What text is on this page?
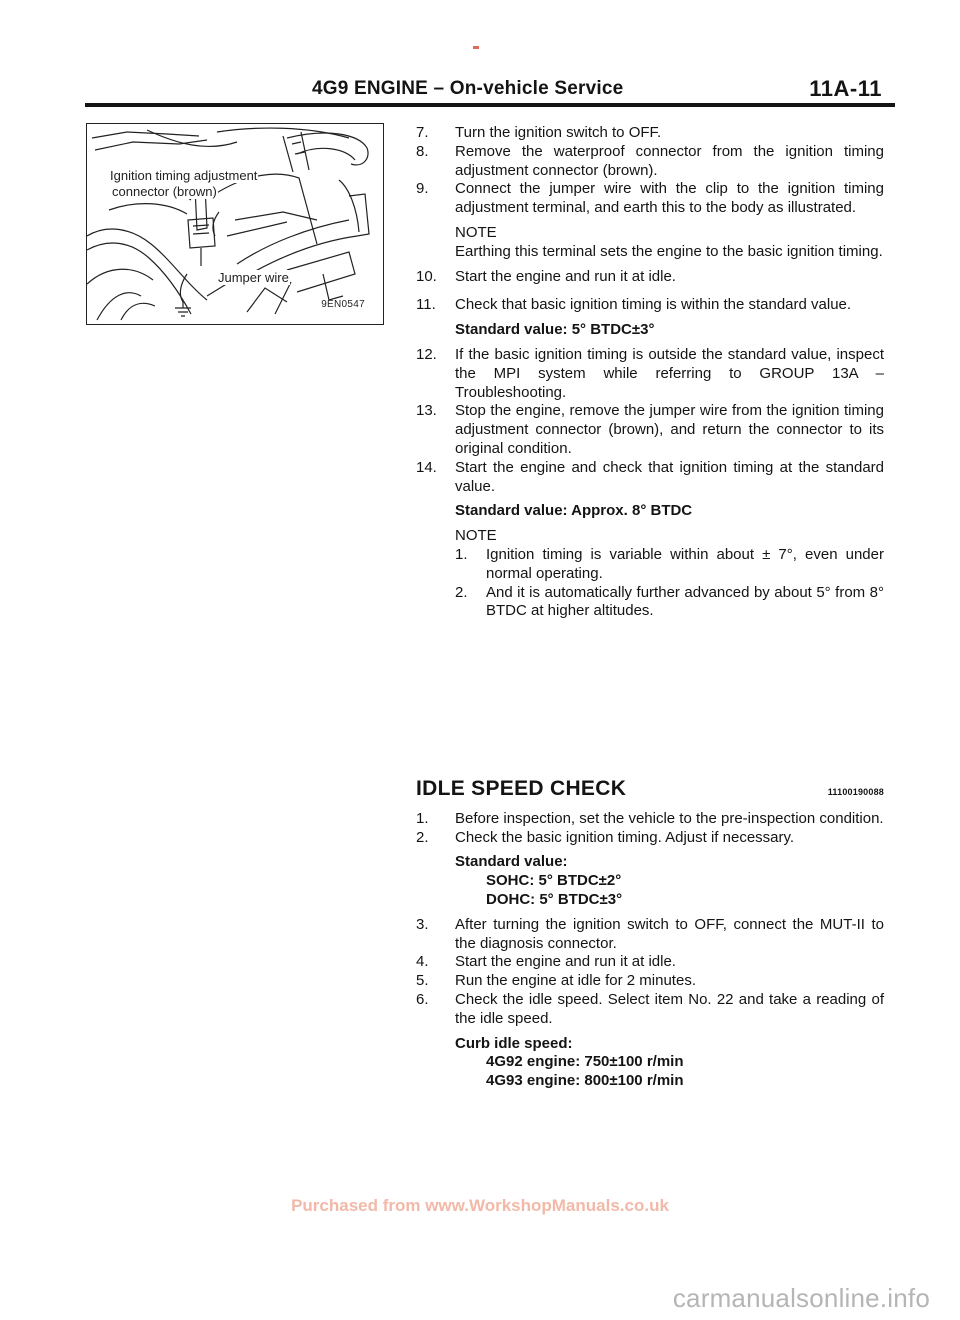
4G9 ENGINE – On-vehicle Service	11A-11
Ignition timing adjustment
connector (brown)
Jumper wire
9EN0547
7.	Turn the ignition switch to OFF.
8.	Remove the waterproof connector from the ignition timing adjustment connector (brown).
9.	Connect the jumper wire with the clip to the ignition timing adjustment terminal, and earth this to the body as illustrated.
NOTE
Earthing this terminal sets the engine to the basic ignition timing.
10.	Start the engine and run it at idle.
11.	Check that basic ignition timing is within the standard value.
Standard value: 5° BTDC±3°
12.	If the basic ignition timing is outside the standard value, inspect the MPI system while referring to GROUP 13A – Troubleshooting.
13.	Stop the engine, remove the jumper wire from the ignition timing adjustment connector (brown), and return the connector to its original condition.
14.	Start the engine and check that ignition timing at the standard value.
Standard value: Approx. 8° BTDC
NOTE
1.	Ignition timing is variable within about ± 7°, even under normal operating.
2.	And it is automatically further advanced by about 5° from 8° BTDC at higher altitudes.
IDLE SPEED CHECK	11100190088
1.	Before inspection, set the vehicle to the pre-inspection condition.
2.	Check the basic ignition timing. Adjust if necessary.
Standard value:
SOHC: 5° BTDC±2°
DOHC: 5° BTDC±3°
3.	After turning the ignition switch to OFF, connect the MUT-II to the diagnosis connector.
4.	Start the engine and run it at idle.
5.	Run the engine at idle for 2 minutes.
6.	Check the idle speed. Select item No. 22 and take a reading of the idle speed.
Curb idle speed:
4G92 engine: 750±100 r/min
4G93 engine: 800±100 r/min
Purchased from www.WorkshopManuals.co.uk
carmanualsonline.info
